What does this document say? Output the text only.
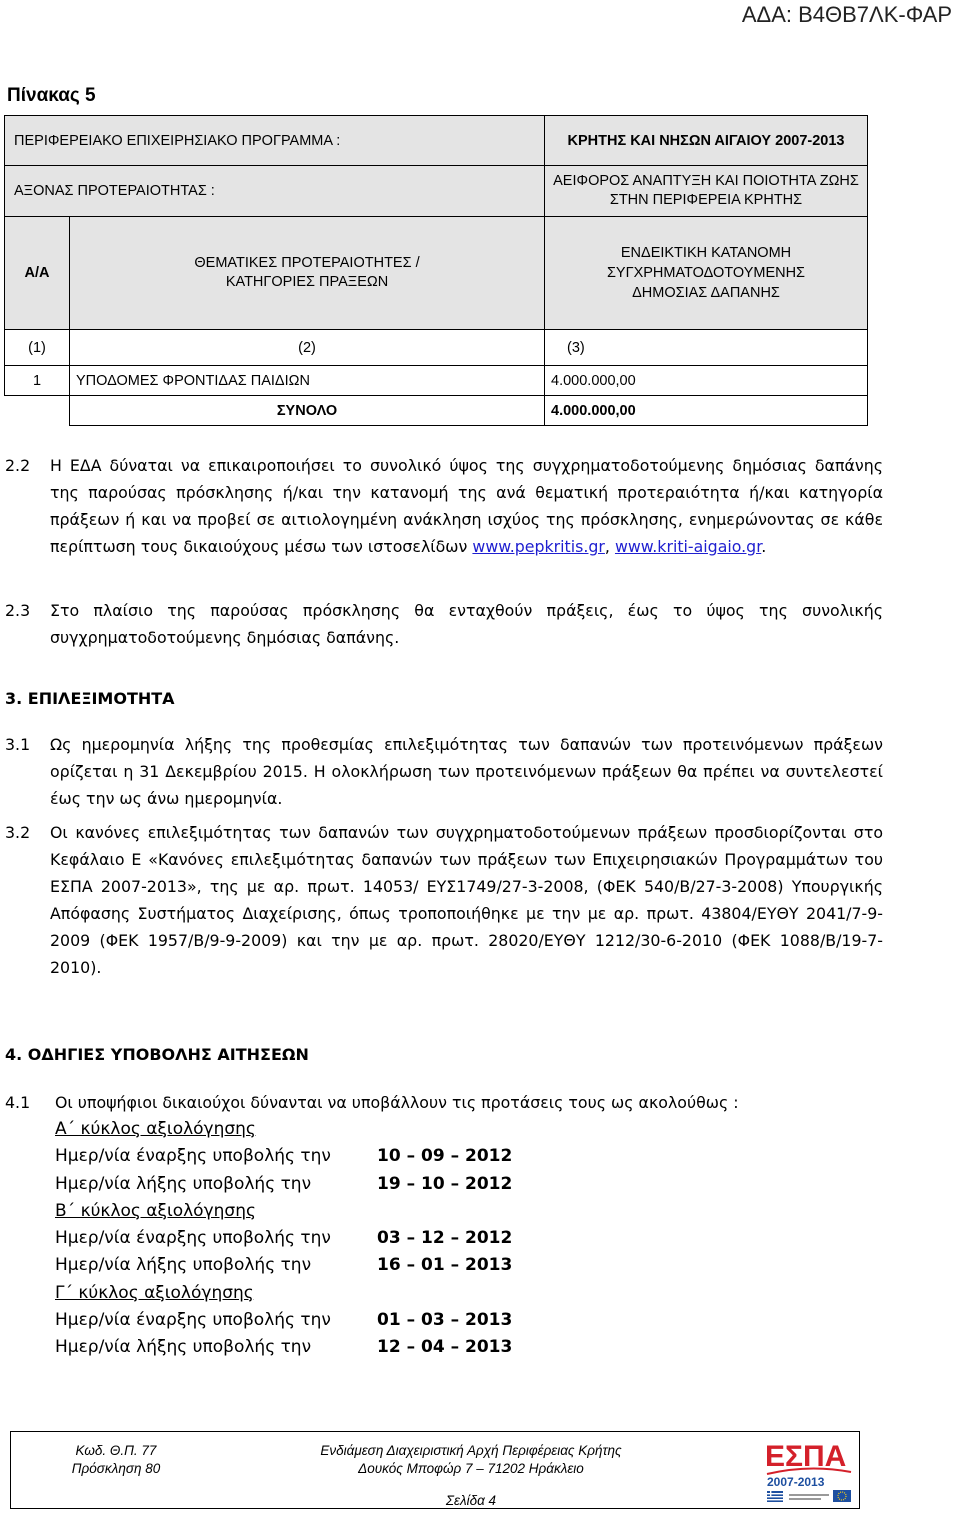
ΑΔΑ: Β4ΘΒ7ΛΚ-ΦΑΡ
Πίνακας 5
ΠΕΡΙΦΕΡΕΙΑΚΟ ΕΠΙΧΕΙΡΗΣΙΑΚΟ ΠΡΟΓΡΑΜΜΑ :		ΚΡΗΤΗΣ ΚΑΙ ΝΗΣΩΝ ΑΙΓΑΙΟΥ 2007-2013
ΑΞΟΝΑΣ ΠΡΟΤΕΡΑΙΟΤΗΤΑΣ :		ΑΕΙΦΟΡΟΣ ΑΝΑΠΤΥΞΗ ΚΑΙ ΠΟΙΟΤΗΤΑ ΖΩΗΣ ΣΤΗΝ ΠΕΡΙΦΕΡΕΙΑ ΚΡΗΤΗΣ
Α/Α	ΘΕΜΑΤΙΚΕΣ ΠΡΟΤΕΡΑΙΟΤΗΤΕΣ / ΚΑΤΗΓΟΡΙΕΣ ΠΡΑΞΕΩΝ	ΕΝΔΕΙΚΤΙΚΗ ΚΑΤΑΝΟΜΗ ΣΥΓΧΡΗΜΑΤΟΔΟΤΟΥΜΕΝΗΣ ΔΗΜΟΣΙΑΣ ΔΑΠΑΝΗΣ
(1)	(2)	(3)
1	ΥΠΟΔΟΜΕΣ ΦΡΟΝΤΙΔΑΣ ΠΑΙΔΙΩΝ	4.000.000,00
	ΣΥΝΟΛΟ	4.000.000,00
2.2 Η ΕΔΑ δύναται να επικαιροποιήσει το συνολικό ύψος της συγχρηματοδοτούμενης δημόσιας δαπάνης της παρούσας πρόσκλησης ή/και την κατανομή της ανά θεματική προτεραιότητα ή/και κατηγορία πράξεων ή και να προβεί σε αιτιολογημένη ανάκληση ισχύος της πρόσκλησης, ενημερώνοντας σε κάθε περίπτωση τους δικαιούχους μέσω των ιστοσελίδων www.pepkritis.gr, www.kriti-aigaio.gr.
2.3 Στο πλαίσιο της παρούσας πρόσκλησης θα ενταχθούν πράξεις, έως το ύψος της συνολικής συγχρηματοδοτούμενης δημόσιας δαπάνης.
3. ΕΠΙΛΕΞΙΜΟΤΗΤΑ
3.1 Ως ημερομηνία λήξης της προθεσμίας επιλεξιμότητας των δαπανών των προτεινόμενων πράξεων ορίζεται η 31 Δεκεμβρίου 2015. Η ολοκλήρωση των προτεινόμενων πράξεων θα πρέπει να συντελεστεί έως την ως άνω ημερομηνία.
3.2 Οι κανόνες επιλεξιμότητας των δαπανών των συγχρηματοδοτούμενων πράξεων προσδιορίζονται στο Κεφάλαιο Ε «Κανόνες επιλεξιμότητας δαπανών των πράξεων των Επιχειρησιακών Προγραμμάτων του ΕΣΠΑ 2007-2013», της με αρ. πρωτ. 14053/ ΕΥΣ1749/27-3-2008, (ΦΕΚ 540/Β/27-3-2008) Υπουργικής Απόφασης Συστήματος Διαχείρισης, όπως τροποποιήθηκε με την με αρ. πρωτ. 43804/ΕΥΘΥ 2041/7-9-2009 (ΦΕΚ 1957/Β/9-9-2009) και την με αρ. πρωτ. 28020/ΕΥΘΥ 1212/30-6-2010 (ΦΕΚ 1088/Β/19-7-2010).
4. ΟΔΗΓΙΕΣ ΥΠΟΒΟΛΗΣ ΑΙΤΗΣΕΩΝ
4.1 Οι υποψήφιοι δικαιούχοι δύνανται να υποβάλλουν τις προτάσεις τους ως ακολούθως :
Α΄ κύκλος αξιολόγησης
Ημερ/νία έναρξης υποβολής την	10 – 09 – 2012
Ημερ/νία λήξης υποβολής την	19 – 10 – 2012
Β΄ κύκλος αξιολόγησης
Ημερ/νία έναρξης υποβολής την	03 – 12 – 2012
Ημερ/νία λήξης υποβολής την	16 – 01 – 2013
Γ΄ κύκλος αξιολόγησης
Ημερ/νία έναρξης υποβολής την	01 – 03 – 2013
Ημερ/νία λήξης υποβολής την	12 – 04 – 2013
Κωδ. Θ.Π. 77
Πρόσκληση 80
Ενδιάμεση Διαχειριστική Αρχή Περιφέρειας Κρήτης
Δουκός Μποφώρ 7 – 71202 Ηράκλειο
Σελίδα 4
ΕΣΠΑ
2007-2013
